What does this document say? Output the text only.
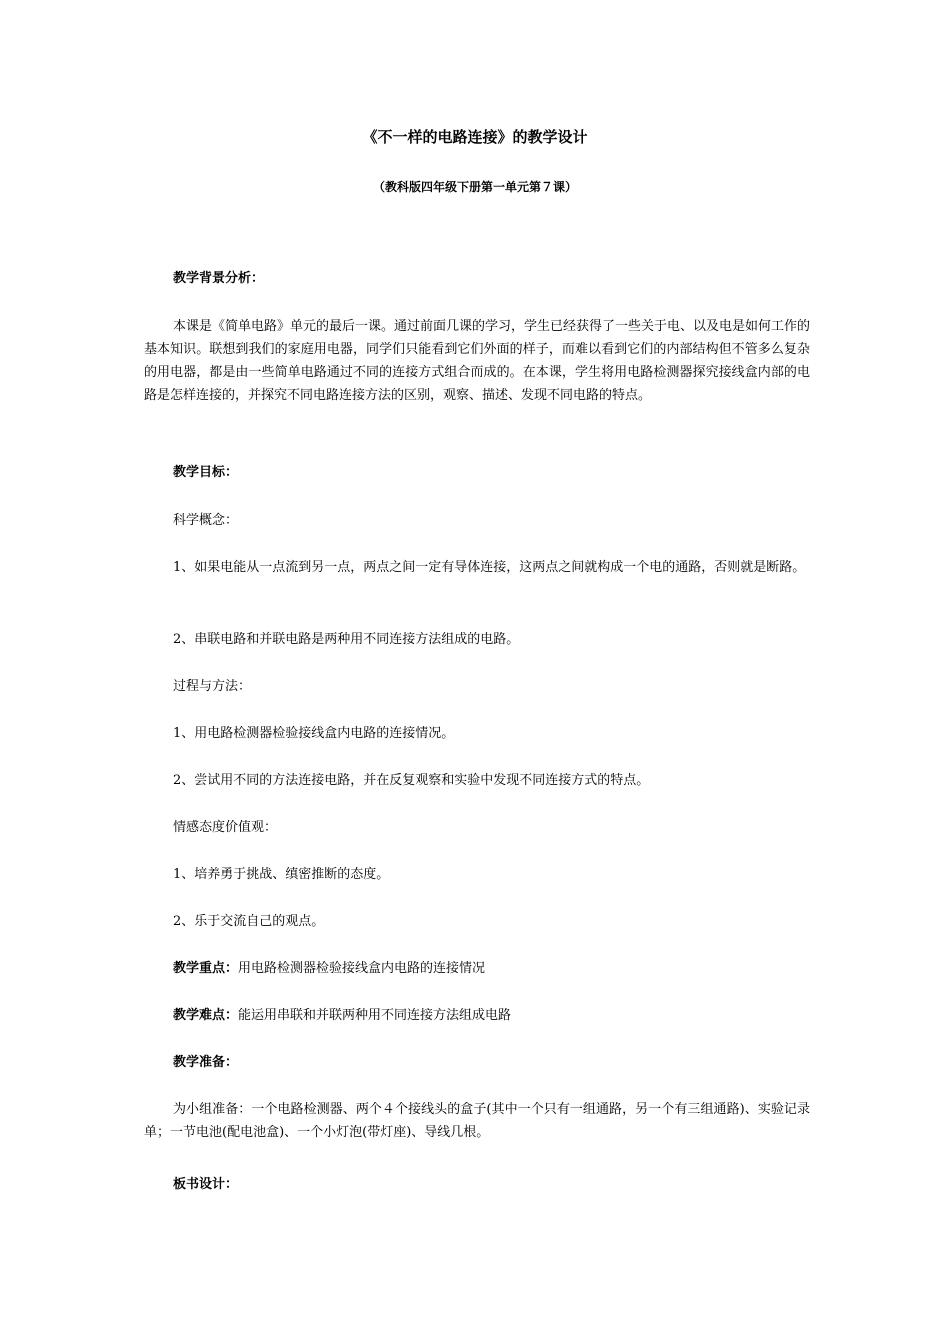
《不一样的电路连接》的教学设计
（教科版四年级下册第一单元第７课）
教学背景分析：
本课是《简单电路》单元的最后一课。通过前面几课的学习，学生已经获得了一些关于电、以及电是如何工作的基本知识。联想到我们的家庭用电器，同学们只能看到它们外面的样子，而难以看到它们的内部结构但不管多么复杂的用电器，都是由一些简单电路通过不同的连接方式组合而成的。在本课，学生将用电路检测器探究接线盒内部的电路是怎样连接的，并探究不同电路连接方法的区别，观察、描述、发现不同电路的特点。
教学目标：
科学概念：
1、如果电能从一点流到另一点，两点之间一定有导体连接，这两点之间就构成一个电的通路，否则就是断路。
2、串联电路和并联电路是两种用不同连接方法组成的电路。
过程与方法：
1、用电路检测器检验接线盒内电路的连接情况。
2、尝试用不同的方法连接电路，并在反复观察和实验中发现不同连接方式的特点。
情感态度价值观：
1、培养勇于挑战、缜密推断的态度。
2、乐于交流自己的观点。
教学重点：用电路检测器检验接线盒内电路的连接情况
教学难点：能运用串联和并联两种用不同连接方法组成电路
教学准备：
为小组准备：一个电路检测器、两个４个接线头的盒子(其中一个只有一组通路，另一个有三组通路)、实验记录单；一节电池(配电池盒)、一个小灯泡(带灯座)、导线几根。
板书设计：
